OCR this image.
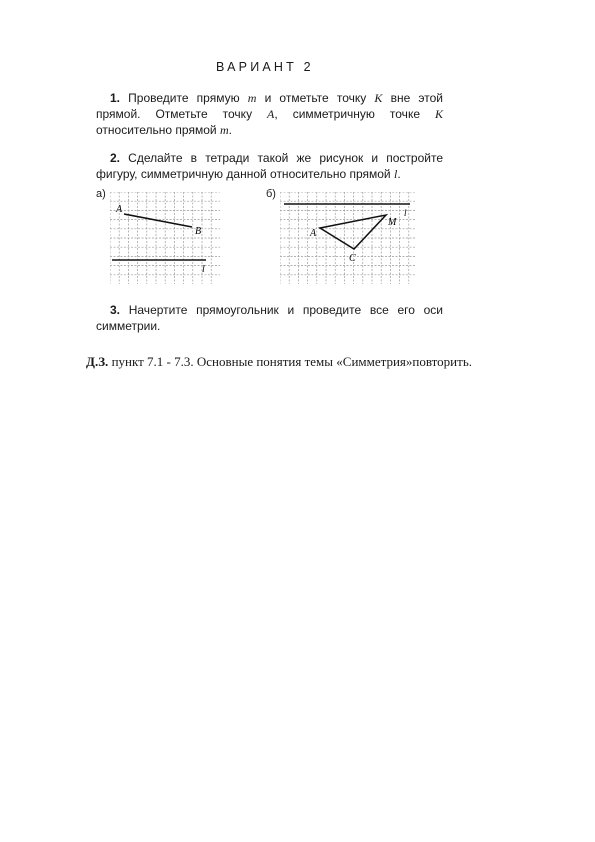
ВАРИАНТ 2
1. Проведите прямую m и отметьте точку K вне этой прямой. Отметьте точку A, симметричную точке K относительно прямой m.
2. Сделайте в тетради такой же рисунок и постройте фигуру, симметричную данной относительно прямой l.
а)
A
B
l
б)
A
M
C
l
3. Начертите прямоугольник и проведите все его оси симметрии.
Д.З. пункт 7.1 - 7.3. Основные понятия темы «Симметрия»повторить.
